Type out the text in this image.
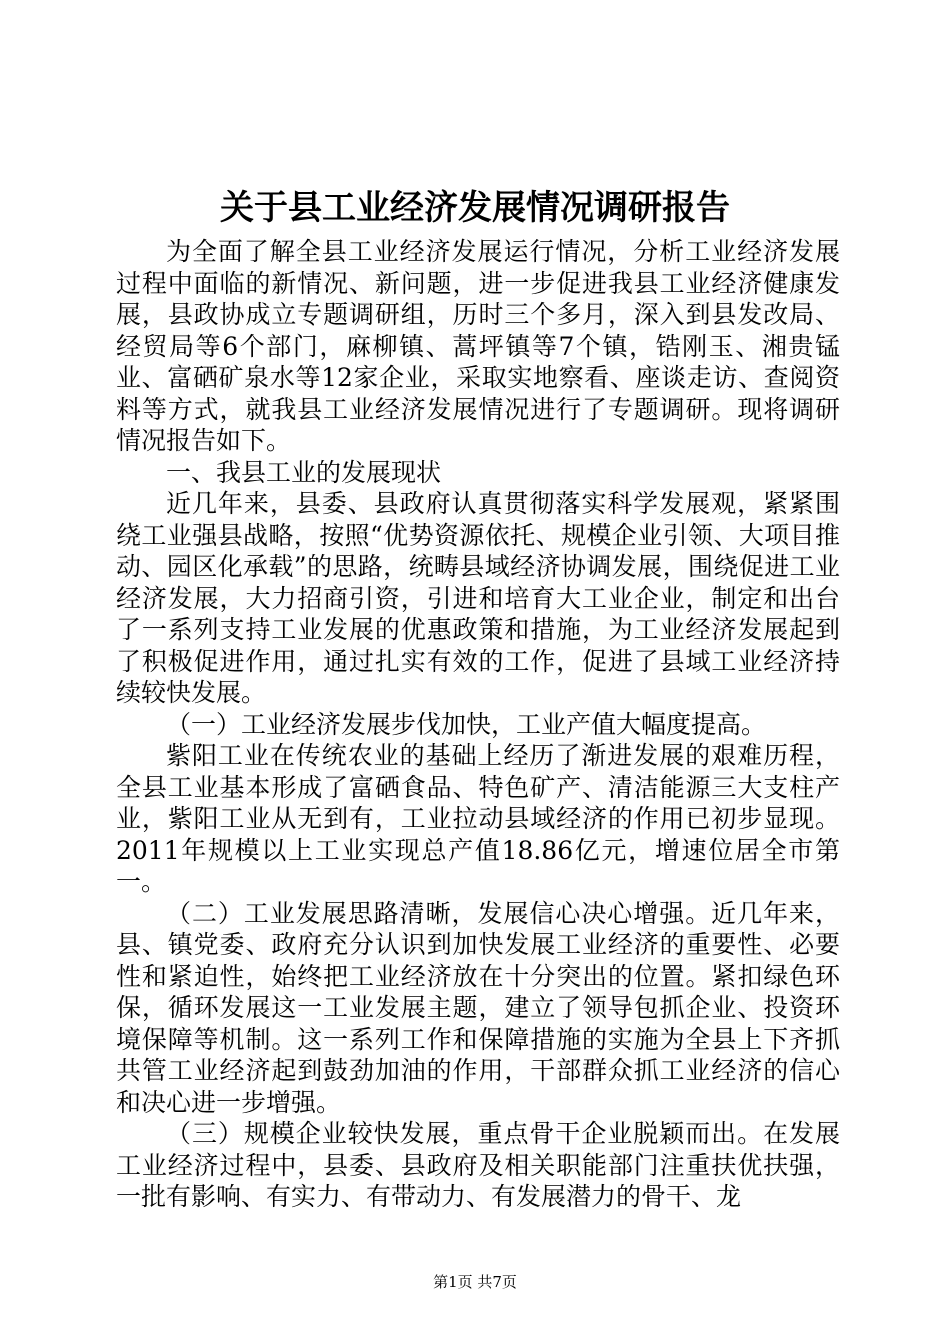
关于县工业经济发展情况调研报告

为全面了解全县工业经济发展运行情况，分析工业经济发展过程中面临的新情况、新问题，进一步促进我县工业经济健康发展，县政协成立专题调研组，历时三个多月，深入到县发改局、经贸局等6个部门，麻柳镇、蒿坪镇等7个镇，锆刚玉、湘贵锰业、富硒矿泉水等12家企业，采取实地察看、座谈走访、查阅资料等方式，就我县工业经济发展情况进行了专题调研。现将调研情况报告如下。

一、我县工业的发展现状

近几年来，县委、县政府认真贯彻落实科学发展观，紧紧围绕工业强县战略，按照“优势资源依托、规模企业引领、大项目推动、园区化承载”的思路，统畴县域经济协调发展，围绕促进工业经济发展，大力招商引资，引进和培育大工业企业，制定和出台了一系列支持工业发展的优惠政策和措施，为工业经济发展起到了积极促进作用，通过扎实有效的工作，促进了县域工业经济持续较快发展。

（一）工业经济发展步伐加快，工业产值大幅度提高。

紫阳工业在传统农业的基础上经历了渐进发展的艰难历程，全县工业基本形成了富硒食品、特色矿产、清洁能源三大支柱产业，紫阳工业从无到有，工业拉动县域经济的作用已初步显现。2011年规模以上工业实现总产值18.86亿元，增速位居全市第一。

（二）工业发展思路清晰，发展信心决心增强。近几年来，县、镇党委、政府充分认识到加快发展工业经济的重要性、必要性和紧迫性，始终把工业经济放在十分突出的位置。紧扣绿色环保，循环发展这一工业发展主题，建立了领导包抓企业、投资环境保障等机制。这一系列工作和保障措施的实施为全县上下齐抓共管工业经济起到鼓劲加油的作用，干部群众抓工业经济的信心和决心进一步增强。

（三）规模企业较快发展，重点骨干企业脱颖而出。在发展工业经济过程中，县委、县政府及相关职能部门注重扶优扶强，一批有影响、有实力、有带动力、有发展潜力的骨干、龙

第1页 共7页
